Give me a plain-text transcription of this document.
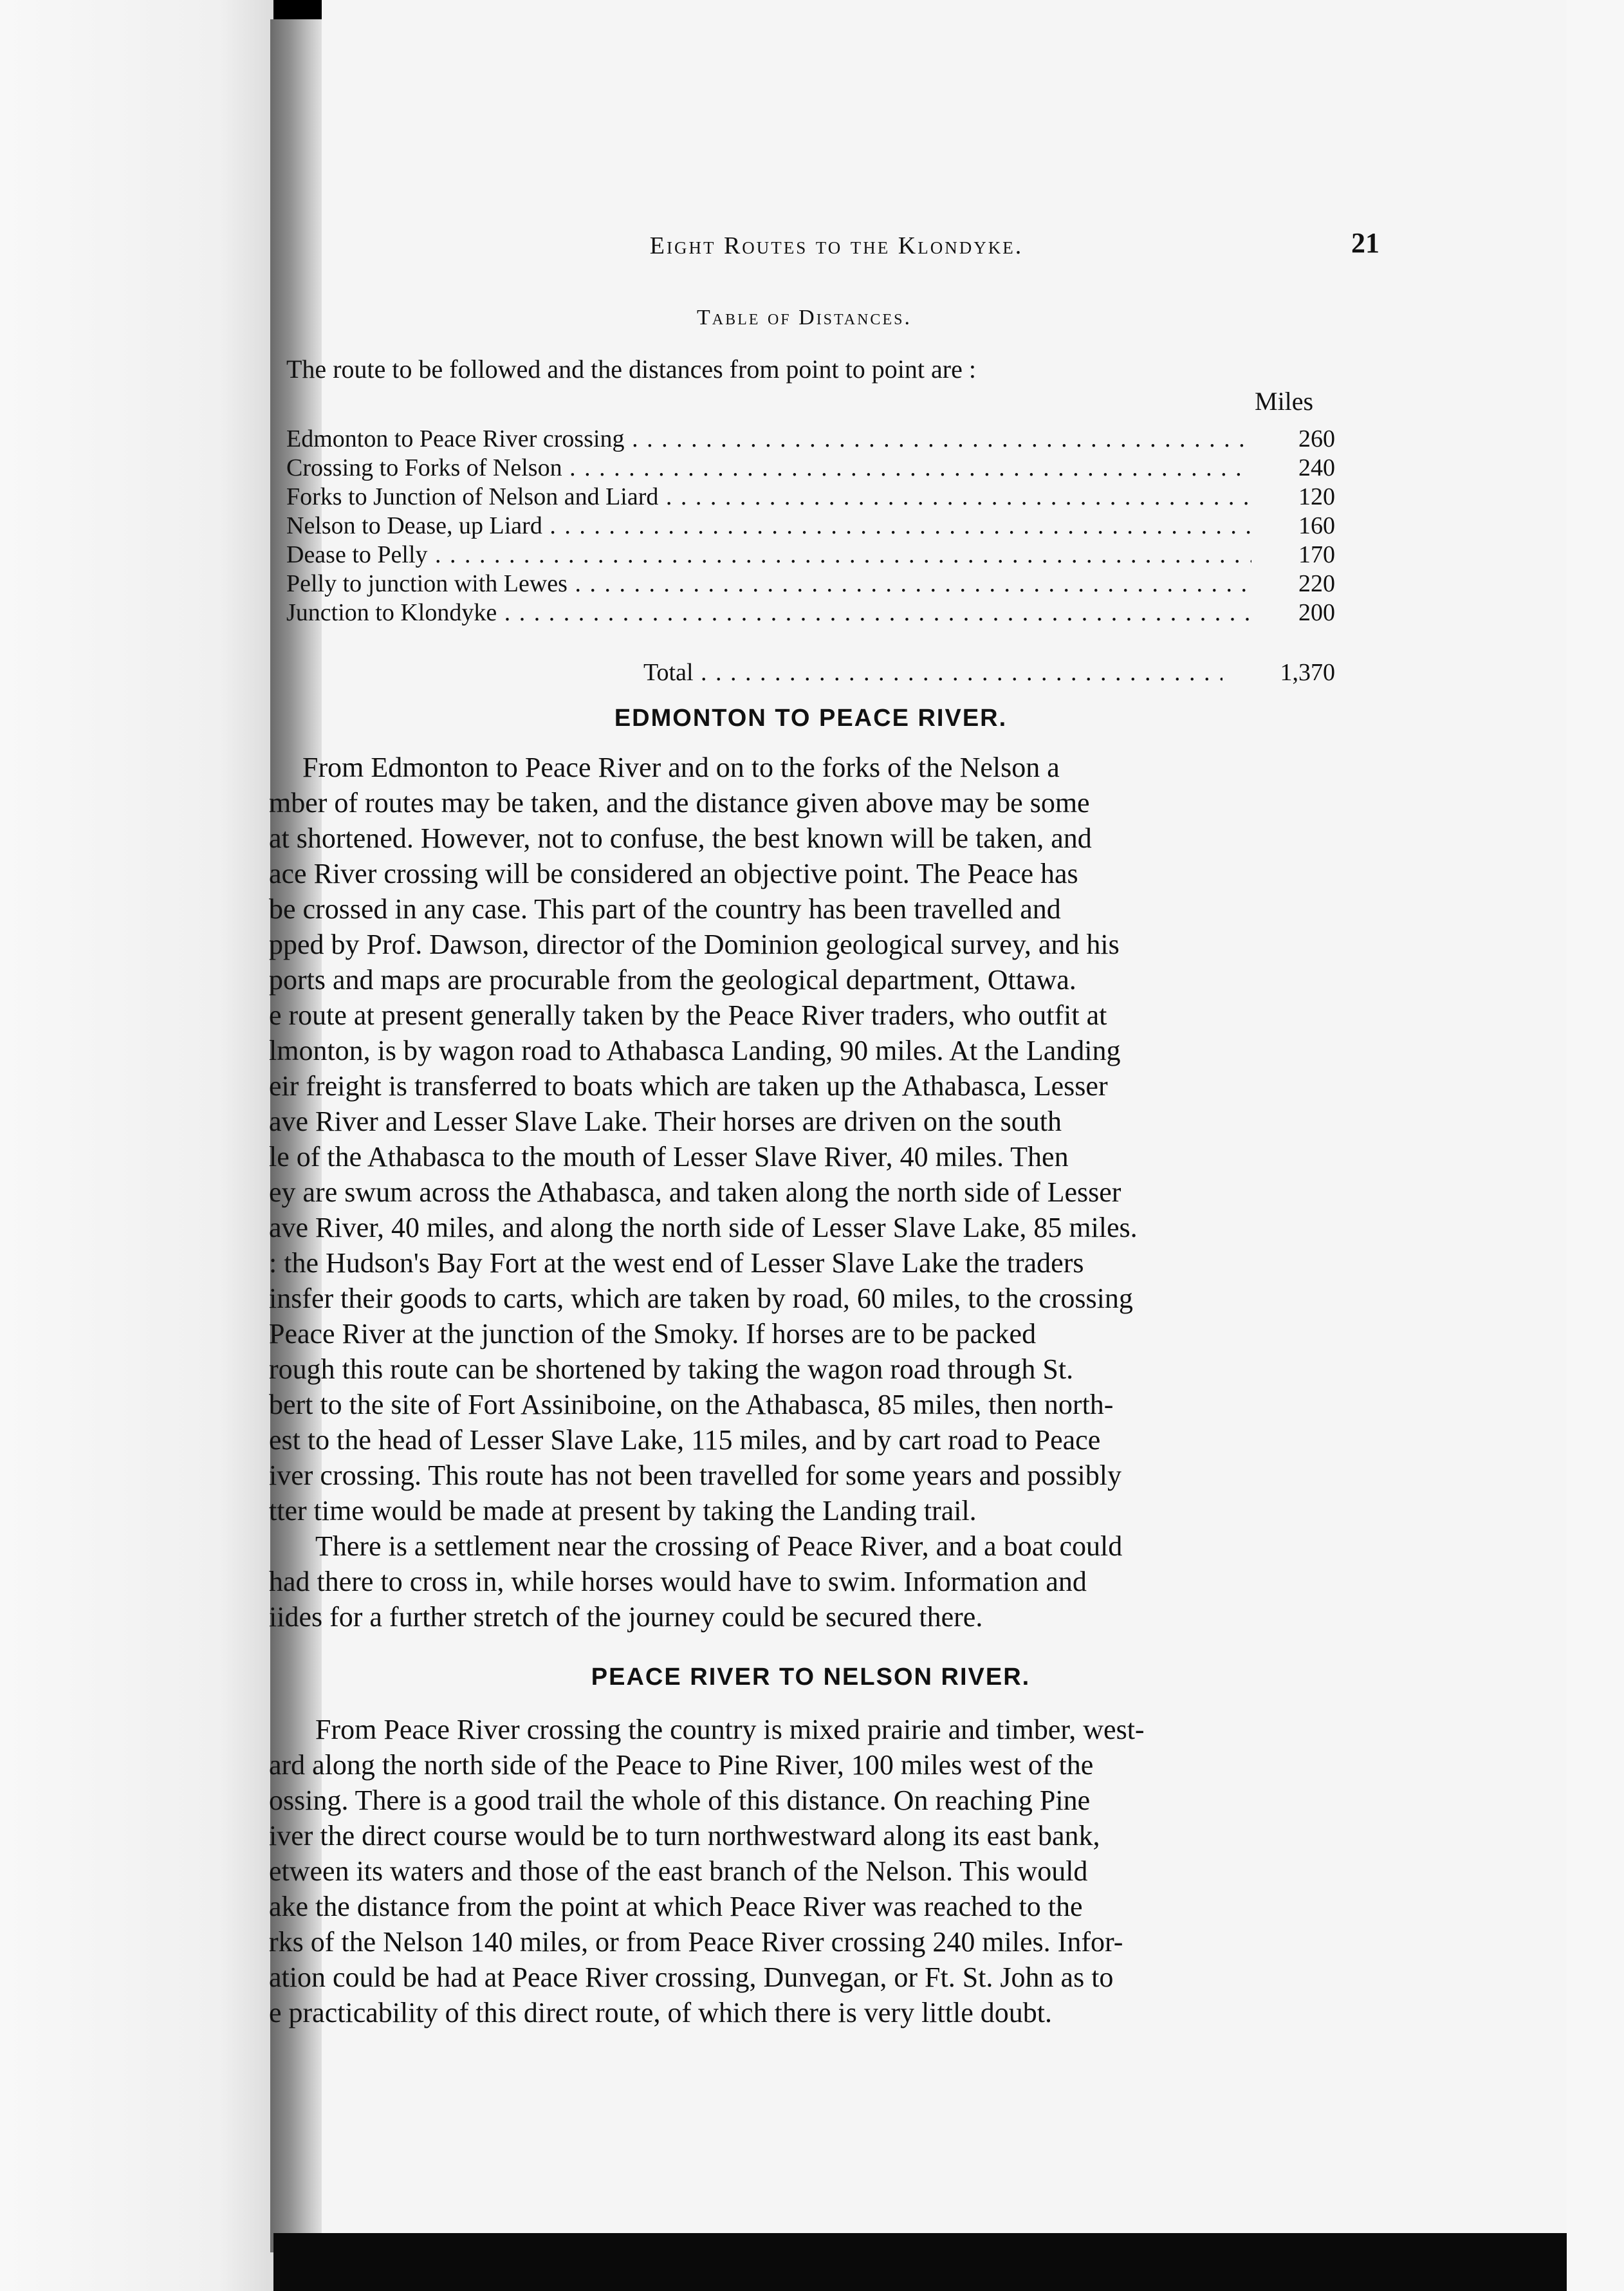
Eight Routes to the Klondyke.	21
Table of Distances.
The route to be followed and the distances from point to point are :
Miles
Edmonton to Peace River crossing . . .	260
Crossing to Forks of Nelson . . .	240
Forks to Junction of Nelson and Liard . . .	120
Nelson to Dease, up Liard . . .	160
Dease to Pelly . . .	170
Pelly to junction with Lewes . . .	220
Junction to Klondyke . . .	200
Total . . .	1,370
EDMONTON TO PEACE RIVER.
From Edmonton to Peace River and on to the forks of the Nelson a
mber of routes may be taken, and the distance given above may be some
at shortened. However, not to confuse, the best known will be taken, and
ace River crossing will be considered an objective point. The Peace has
be crossed in any case. This part of the country has been travelled and
pped by Prof. Dawson, director of the Dominion geological survey, and his
ports and maps are procurable from the geological department, Ottawa.
e route at present generally taken by the Peace River traders, who outfit at
lmonton, is by wagon road to Athabasca Landing, 90 miles. At the Landing
eir freight is transferred to boats which are taken up the Athabasca, Lesser
ave River and Lesser Slave Lake. Their horses are driven on the south
le of the Athabasca to the mouth of Lesser Slave River, 40 miles. Then
ey are swum across the Athabasca, and taken along the north side of Lesser
ave River, 40 miles, and along the north side of Lesser Slave Lake, 85 miles.
: the Hudson's Bay Fort at the west end of Lesser Slave Lake the traders
insfer their goods to carts, which are taken by road, 60 miles, to the crossing
Peace River at the junction of the Smoky. If horses are to be packed
rough this route can be shortened by taking the wagon road through St.
bert to the site of Fort Assiniboine, on the Athabasca, 85 miles, then north-
est to the head of Lesser Slave Lake, 115 miles, and by cart road to Peace
iver crossing. This route has not been travelled for some years and possibly
tter time would be made at present by taking the Landing trail.
There is a settlement near the crossing of Peace River, and a boat could
had there to cross in, while horses would have to swim. Information and
iides for a further stretch of the journey could be secured there.
PEACE RIVER TO NELSON RIVER.
From Peace River crossing the country is mixed prairie and timber, west-
ard along the north side of the Peace to Pine River, 100 miles west of the
ossing. There is a good trail the whole of this distance. On reaching Pine
iver the direct course would be to turn northwestward along its east bank,
etween its waters and those of the east branch of the Nelson. This would
ake the distance from the point at which Peace River was reached to the
rks of the Nelson 140 miles, or from Peace River crossing 240 miles. Infor-
ation could be had at Peace River crossing, Dunvegan, or Ft. St. John as to
e practicability of this direct route, of which there is very little doubt.
